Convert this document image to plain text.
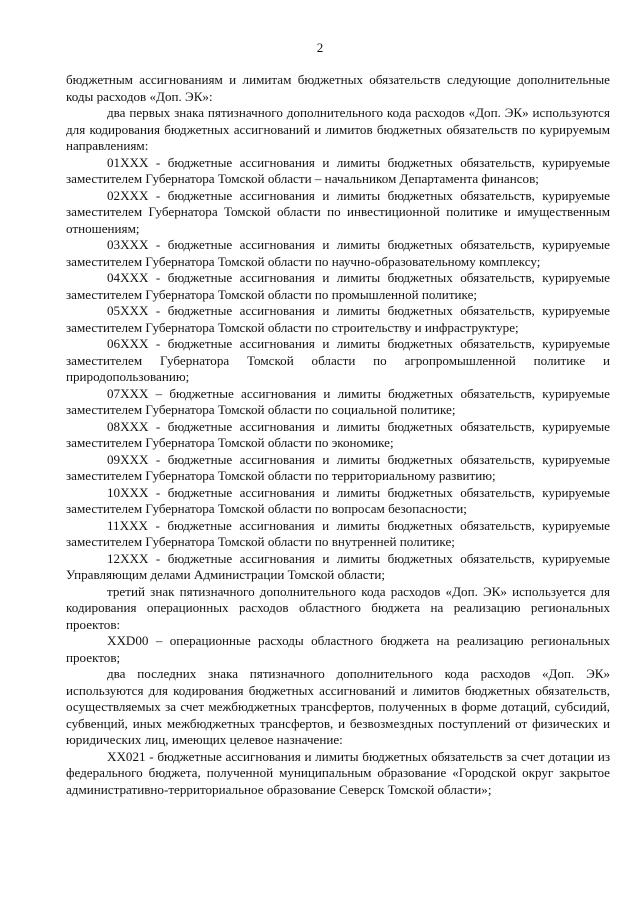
2

бюджетным ассигнованиям и лимитам бюджетных обязательств следующие дополнительные коды расходов «Доп. ЭК»:

два первых знака пятизначного дополнительного кода расходов «Доп. ЭК» используются для кодирования бюджетных ассигнований и лимитов бюджетных обязательств по курируемым направлениям:

01ХХХ - бюджетные ассигнования и лимиты бюджетных обязательств, курируемые заместителем Губернатора Томской области – начальником Департамента финансов;

02ХХХ - бюджетные ассигнования и лимиты бюджетных обязательств, курируемые заместителем Губернатора Томской области по инвестиционной политике и имущественным отношениям;

03ХХХ - бюджетные ассигнования и лимиты бюджетных обязательств, курируемые заместителем Губернатора Томской области по научно-образовательному комплексу;

04ХХХ - бюджетные ассигнования и лимиты бюджетных обязательств, курируемые заместителем Губернатора Томской области по промышленной политике;

05ХХХ - бюджетные ассигнования и лимиты бюджетных обязательств, курируемые заместителем Губернатора Томской области по строительству и инфраструктуре;

06ХХХ - бюджетные ассигнования и лимиты бюджетных обязательств, курируемые заместителем Губернатора Томской области по агропромышленной политике и природопользованию;

07ХХХ – бюджетные ассигнования и лимиты бюджетных обязательств, курируемые заместителем Губернатора Томской области по социальной политике;

08ХХХ - бюджетные ассигнования и лимиты бюджетных обязательств, курируемые заместителем Губернатора Томской области по экономике;

09ХХХ - бюджетные ассигнования и лимиты бюджетных обязательств, курируемые заместителем Губернатора Томской области по территориальному развитию;

10ХХХ - бюджетные ассигнования и лимиты бюджетных обязательств, курируемые заместителем Губернатора Томской области по вопросам безопасности;

11ХХХ - бюджетные ассигнования и лимиты бюджетных обязательств, курируемые заместителем Губернатора Томской области по внутренней политике;

12ХХХ - бюджетные ассигнования и лимиты бюджетных обязательств, курируемые Управляющим делами Администрации Томской области;

третий знак пятизначного дополнительного кода расходов «Доп. ЭК» используется для кодирования операционных расходов областного бюджета на реализацию региональных проектов:

ХХD00 – операционные расходы областного бюджета на реализацию региональных проектов;

два последних знака пятизначного дополнительного кода расходов «Доп. ЭК» используются для кодирования бюджетных ассигнований и лимитов бюджетных обязательств, осуществляемых за счет межбюджетных трансфертов, полученных в форме дотаций, субсидий, субвенций, иных межбюджетных трансфертов, и безвозмездных поступлений от физических и юридических лиц, имеющих целевое назначение:

ХХ021 - бюджетные ассигнования и лимиты бюджетных обязательств за счет дотации из федерального бюджета, полученной муниципальным образование «Городской округ закрытое административно-территориальное образование Северск Томской области»;
